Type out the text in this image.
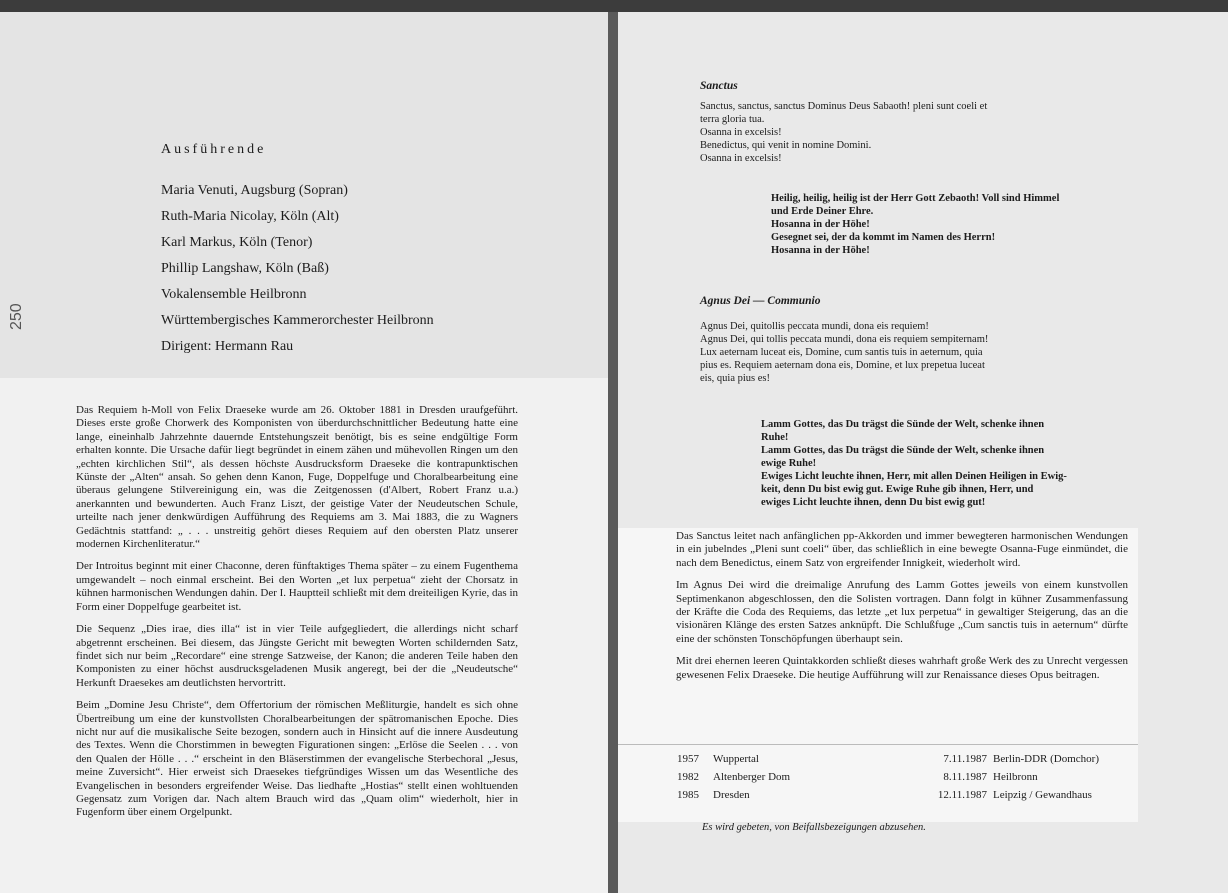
Ausführende
Maria Venuti, Augsburg (Sopran)
Ruth-Maria Nicolay, Köln (Alt)
Karl Markus, Köln (Tenor)
Phillip Langshaw, Köln (Baß)
Vokalensemble Heilbronn
Württembergisches Kammerorchester Heilbronn
Dirigent: Hermann Rau
250

Das Requiem h-Moll von Felix Draeseke wurde am 26. Oktober 1881 in Dresden uraufgeführt. Dieses erste große Chorwerk des Komponisten von überdurchschnittlicher Bedeutung hatte eine lange, eineinhalb Jahrzehnte dauernde Entstehungszeit benötigt, bis es seine endgültige Form erhalten konnte. Die Ursache dafür liegt begründet in einem zähen und mühevollen Ringen um den „echten kirchlichen Stil“, als dessen höchste Ausdrucksform Draeseke die kontrapunktischen Künste der „Alten“ ansah. So gehen denn Kanon, Fuge, Doppelfuge und Choralbearbeitung eine überaus gelungene Stilvereinigung ein, was die Zeitgenossen (d'Albert, Robert Franz u.a.) anerkannten und bewunderten. Auch Franz Liszt, der geistige Vater der Neudeutschen Schule, urteilte nach jener denkwürdigen Aufführung des Requiems am 3. Mai 1883, die zu Wagners Gedächtnis stattfand: „ . . . unstreitig gehört dieses Requiem auf den obersten Platz unserer modernen Kirchenliteratur.“

Der Introitus beginnt mit einer Chaconne, deren fünftaktiges Thema später – zu einem Fugenthema umgewandelt – noch einmal erscheint. Bei den Worten „et lux perpetua“ zieht der Chorsatz in kühnen harmonischen Wendungen dahin. Der I. Hauptteil schließt mit dem dreiteiligen Kyrie, das in Form einer Doppelfuge gearbeitet ist.

Die Sequenz „Dies irae, dies illa“ ist in vier Teile aufgegliedert, die allerdings nicht scharf abgetrennt erscheinen. Bei diesem, das Jüngste Gericht mit bewegten Worten schildernden Satz, findet sich nur beim „Recordare“ eine strenge Satzweise, der Kanon; die anderen Teile haben den Komponisten zu einer höchst ausdrucksgeladenen Musik angeregt, bei der die „Neudeutsche“ Herkunft Draesekes am deutlichsten hervortritt.

Beim „Domine Jesu Christe“, dem Offertorium der römischen Meßliturgie, handelt es sich ohne Übertreibung um eine der kunstvollsten Choralbearbeitungen der spätromanischen Epoche. Dies nicht nur auf die musikalische Seite bezogen, sondern auch in Hinsicht auf die innere Ausdeutung des Textes. Wenn die Chorstimmen in bewegten Figurationen singen: „Erlöse die Seelen . . . von den Qualen der Hölle . . .“ erscheint in den Bläserstimmen der evangelische Sterbechoral „Jesus, meine Zuversicht“. Hier erweist sich Draesekes tiefgründiges Wissen um das Wesentliche des Evangelischen in besonders ergreifender Weise. Das liedhafte „Hostias“ stellt einen wohltuenden Gegensatz zum Vorigen dar. Nach altem Brauch wird das „Quam olim“ wiederholt, hier in Fugenform über einem Orgelpunkt.

Sanctus
Sanctus, sanctus, sanctus Dominus Deus Sabaoth! pleni sunt coeli et
terra gloria tua.
Osanna in excelsis!
Benedictus, qui venit in nomine Domini.
Osanna in excelsis!
Heilig, heilig, heilig ist der Herr Gott Zebaoth! Voll sind Himmel
und Erde Deiner Ehre.
Hosanna in der Höhe!
Gesegnet sei, der da kommt im Namen des Herrn!
Hosanna in der Höhe!
Agnus Dei — Communio
Agnus Dei, quitollis peccata mundi, dona eis requiem!
Agnus Dei, qui tollis peccata mundi, dona eis requiem sempiternam!
Lux aeternam luceat eis, Domine, cum santis tuis in aeternum, quia
pius es. Requiem aeternam dona eis, Domine, et lux prepetua luceat
eis, quia pius es!
Lamm Gottes, das Du trägst die Sünde der Welt, schenke ihnen
Ruhe!
Lamm Gottes, das Du trägst die Sünde der Welt, schenke ihnen
ewige Ruhe!
Ewiges Licht leuchte ihnen, Herr, mit allen Deinen Heiligen in Ewig-
keit, denn Du bist ewig gut. Ewige Ruhe gib ihnen, Herr, und
ewiges Licht leuchte ihnen, denn Du bist ewig gut!

Das Sanctus leitet nach anfänglichen pp-Akkorden und immer bewegteren harmonischen Wendungen in ein jubelndes „Pleni sunt coeli“ über, das schließlich in eine bewegte Osanna-Fuge einmündet, die nach dem Benedictus, einem Satz von ergreifender Innigkeit, wiederholt wird.

Im Agnus Dei wird die dreimalige Anrufung des Lamm Gottes jeweils von einem kunstvollen Septimenkanon abgeschlossen, den die Solisten vortragen. Dann folgt in kühner Zusammenfassung der Kräfte die Coda des Requiems, das letzte „et lux perpetua“ in gewaltiger Steigerung, das an die visionären Klänge des ersten Satzes anknüpft. Die Schlußfuge „Cum sanctis tuis in aeternum“ dürfte eine der schönsten Tonschöpfungen überhaupt sein.

Mit drei ehernen leeren Quintakkorden schließt dieses wahrhaft große Werk des zu Unrecht vergessen gewesenen Felix Draeseke. Die heutige Aufführung will zur Renaissance dieses Opus beitragen.

1957	Wuppertal	7.11.1987	Berlin-DDR (Domchor)
1982	Altenberger Dom	8.11.1987	Heilbronn
1985	Dresden	12.11.1987	Leipzig / Gewandhaus
Es wird gebeten, von Beifallsbezeigungen abzusehen.
